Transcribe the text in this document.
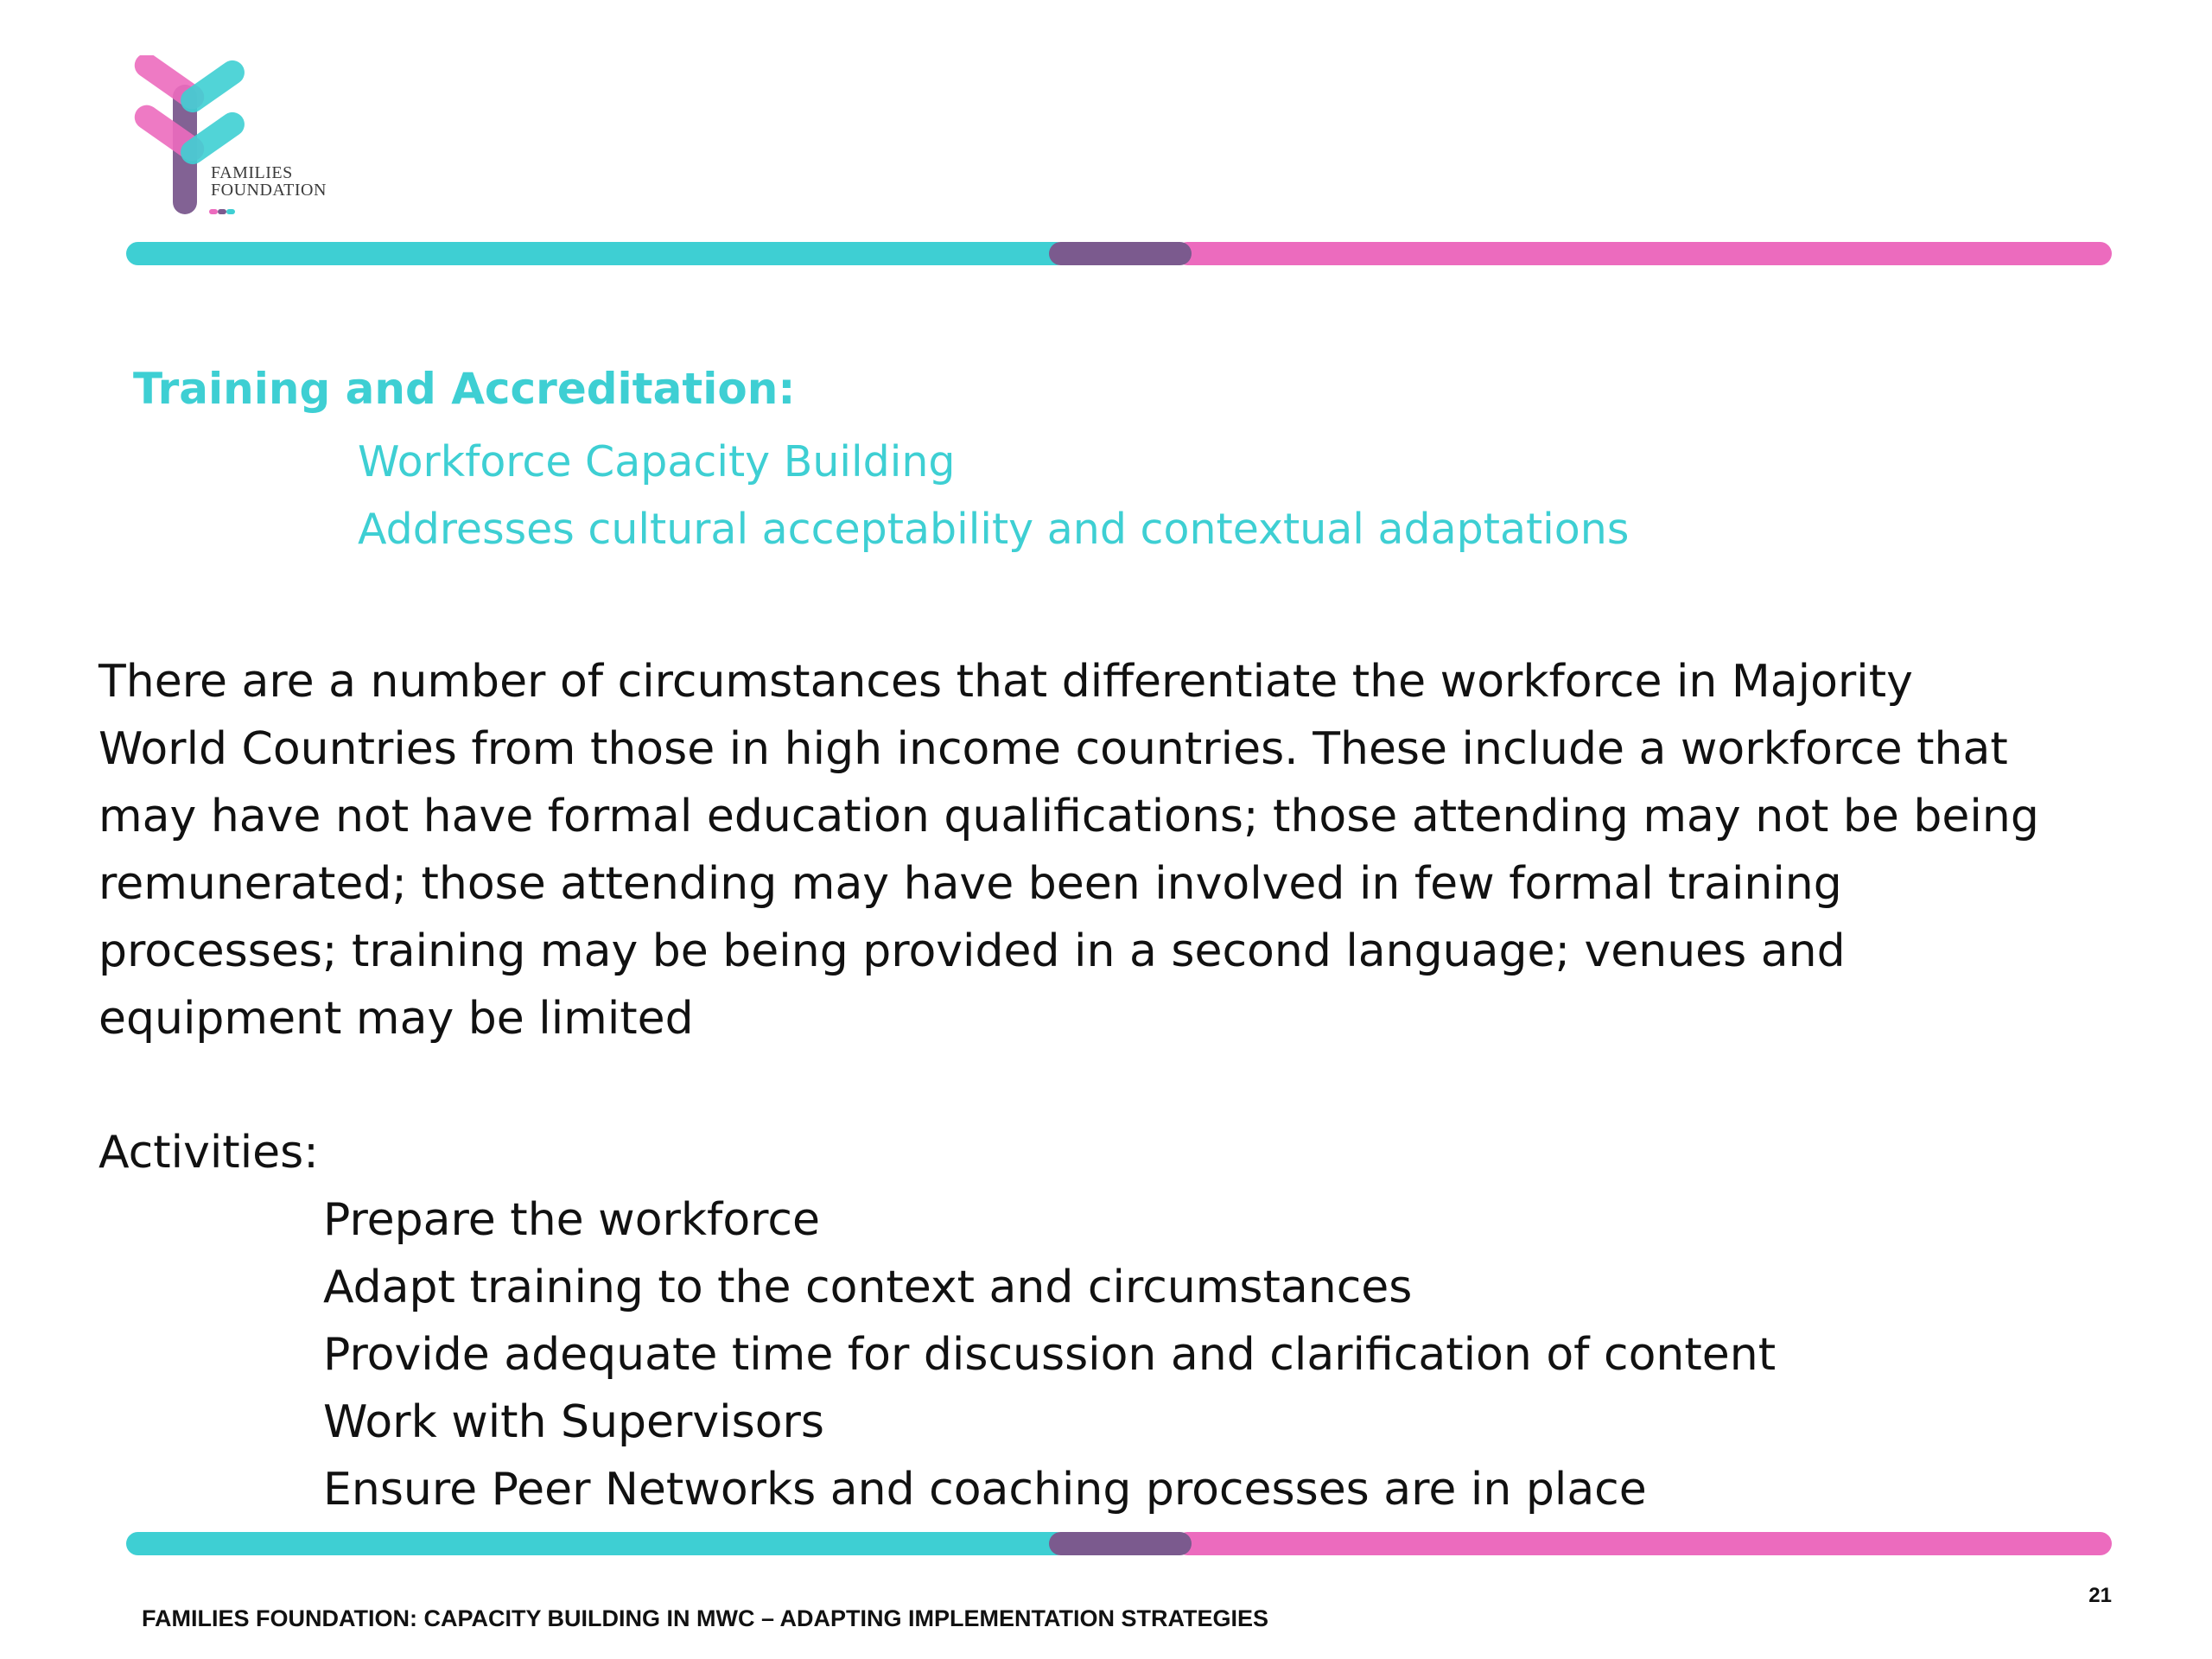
FAMILIES
FOUNDATION
Training and Accreditation:
Workforce Capacity Building
Addresses cultural acceptability and contextual adaptations
There are a number of circumstances that differentiate the workforce in Majority
World Countries from those in high income countries. These include a workforce that
may have not have formal education qualifications; those attending may not be being
remunerated; those attending may have been involved in few formal training
processes; training may be being provided in a second language; venues and
equipment may be limited
Activities:
Prepare the workforce
Adapt training to the context and circumstances
Provide adequate time for discussion and clarification of content
Work with Supervisors
Ensure Peer Networks and coaching processes are in place
21
FAMILIES FOUNDATION: CAPACITY BUILDING IN MWC – ADAPTING IMPLEMENTATION STRATEGIES
